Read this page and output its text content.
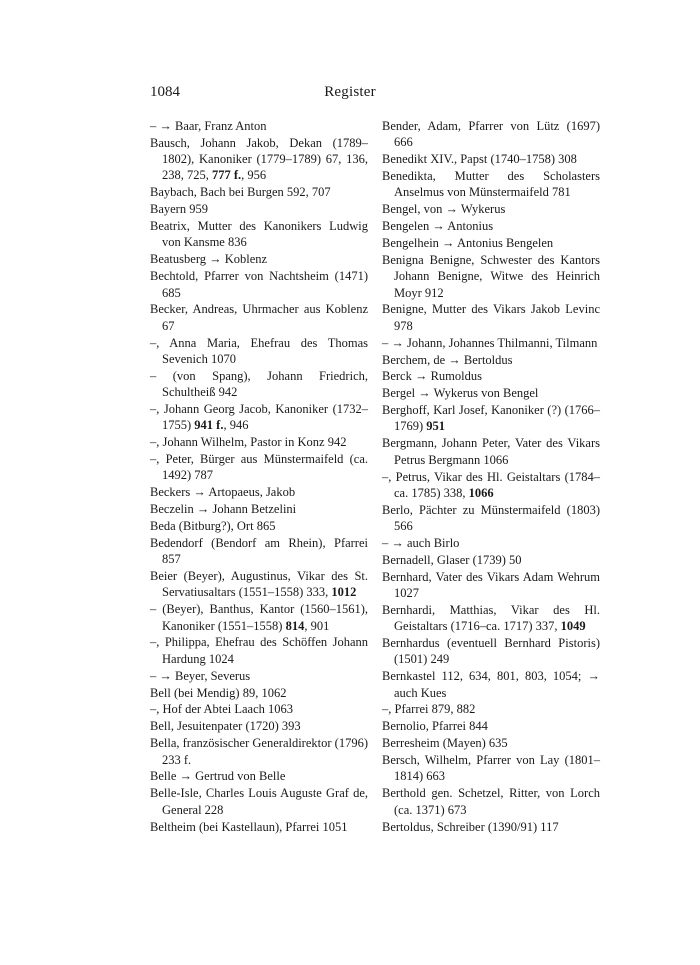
1084	Register
– → Baar, Franz Anton
Bausch, Johann Jakob, Dekan (1789–1802), Kanoniker (1779–1789) 67, 136, 238, 725, 777 f., 956
Baybach, Bach bei Burgen 592, 707
Bayern 959
Beatrix, Mutter des Kanonikers Ludwig von Kansme 836
Beatusberg → Koblenz
Bechtold, Pfarrer von Nachtsheim (1471) 685
Becker, Andreas, Uhrmacher aus Koblenz 67
–, Anna Maria, Ehefrau des Thomas Sevenich 1070
– (von Spang), Johann Friedrich, Schultheiß 942
–, Johann Georg Jacob, Kanoniker (1732–1755) 941 f., 946
–, Johann Wilhelm, Pastor in Konz 942
–, Peter, Bürger aus Münstermaifeld (ca. 1492) 787
Beckers → Artopaeus, Jakob
Beczelin → Johann Betzelini
Beda (Bitburg?), Ort 865
Bedendorf (Bendorf am Rhein), Pfarrei 857
Beier (Beyer), Augustinus, Vikar des St. Servatiusaltars (1551–1558) 333, 1012
– (Beyer), Banthus, Kantor (1560–1561), Kanoniker (1551–1558) 814, 901
–, Philippa, Ehefrau des Schöffen Johann Hardung 1024
– → Beyer, Severus
Bell (bei Mendig) 89, 1062
–, Hof der Abtei Laach 1063
Bell, Jesuitenpater (1720) 393
Bella, französischer Generaldirektor (1796) 233 f.
Belle → Gertrud von Belle
Belle-Isle, Charles Louis Auguste Graf de, General 228
Beltheim (bei Kastellaun), Pfarrei 1051
Bender, Adam, Pfarrer von Lütz (1697) 666
Benedikt XIV., Papst (1740–1758) 308
Benedikta, Mutter des Scholasters Anselmus von Münstermaifeld 781
Bengel, von → Wykerus
Bengelen → Antonius
Bengelhein → Antonius Bengelen
Benigna Benigne, Schwester des Kantors Johann Benigne, Witwe des Heinrich Moyr 912
Benigne, Mutter des Vikars Jakob Levinc 978
– → Johann, Johannes Thilmanni, Tilmann
Berchem, de → Bertoldus
Berck → Rumoldus
Bergel → Wykerus von Bengel
Berghoff, Karl Josef, Kanoniker (?) (1766–1769) 951
Bergmann, Johann Peter, Vater des Vikars Petrus Bergmann 1066
–, Petrus, Vikar des Hl. Geistaltars (1784–ca. 1785) 338, 1066
Berlo, Pächter zu Münstermaifeld (1803) 566
– → auch Birlo
Bernadell, Glaser (1739) 50
Bernhard, Vater des Vikars Adam Wehrum 1027
Bernhardi, Matthias, Vikar des Hl. Geistaltars (1716–ca. 1717) 337, 1049
Bernhardus (eventuell Bernhard Pistoris) (1501) 249
Bernkastel 112, 634, 801, 803, 1054; → auch Kues
–, Pfarrei 879, 882
Bernolio, Pfarrei 844
Berresheim (Mayen) 635
Bersch, Wilhelm, Pfarrer von Lay (1801–1814) 663
Berthold gen. Schetzel, Ritter, von Lorch (ca. 1371) 673
Bertoldus, Schreiber (1390/91) 117
